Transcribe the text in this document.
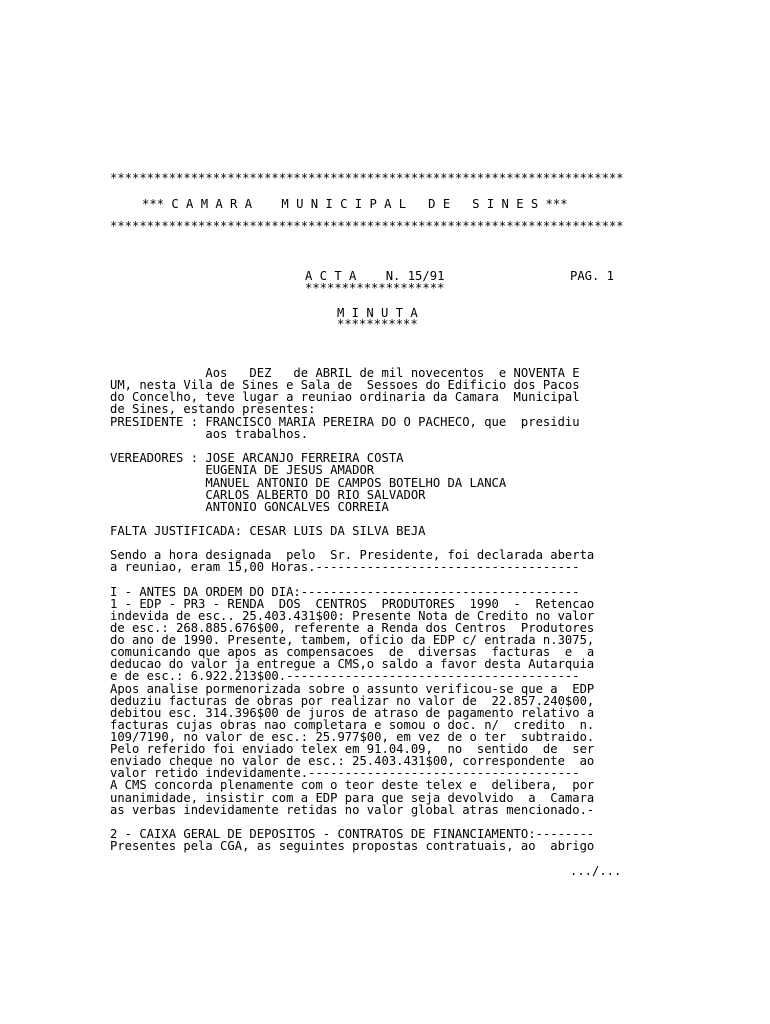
**********************************************************************
*** C A M A R A    M U N I C I P A L   D E   S I N E S ***
**********************************************************************
A C T A    N. 15/91	PAG. 1
*******************
M I N U T A
***********
Aos   DEZ   de ABRIL de mil novecentos  e NOVENTA E
UM, nesta Vila de Sines e Sala de  Sessoes do Edificio dos Pacos
do Concelho, teve lugar a reuniao ordinaria da Camara  Municipal
de Sines, estando presentes:
PRESIDENTE : FRANCISCO MARIA PEREIRA DO O PACHECO, que  presidiu
aos trabalhos.
VEREADORES : JOSE ARCANJO FERREIRA COSTA
EUGENIA DE JESUS AMADOR
MANUEL ANTONIO DE CAMPOS BOTELHO DA LANCA
CARLOS ALBERTO DO RIO SALVADOR
ANTONIO GONCALVES CORREIA
FALTA JUSTIFICADA: CESAR LUIS DA SILVA BEJA
Sendo a hora designada  pelo  Sr. Presidente, foi declarada aberta
a reuniao, eram 15,00 Horas.------------------------------------
I - ANTES DA ORDEM DO DIA:--------------------------------------
1 - EDP - PR3 - RENDA  DOS  CENTROS  PRODUTORES  1990  -  Retencao
indevida de esc.. 25.403.431$00: Presente Nota de Credito no valor
de esc.: 268.885.676$00, referente a Renda dos Centros  Produtores
do ano de 1990. Presente, tambem, oficio da EDP c/ entrada n.3075,
comunicando que apos as compensacoes  de  diversas  facturas  e  a
deducao do valor ja entregue a CMS,o saldo a favor desta Autarquia
e de esc.: 6.922.213$00.----------------------------------------
Apos analise pormenorizada sobre o assunto verificou-se que a  EDP
deduziu facturas de obras por realizar no valor de  22.857.240$00,
debitou esc. 314.396$00 de juros de atraso de pagamento relativo a
facturas cujas obras nao completara e somou o doc. n/  credito  n.
109/7190, no valor de esc.: 25.977$00, em vez de o ter  subtraido.
Pelo referido foi enviado telex em 91.04.09,  no  sentido  de  ser
enviado cheque no valor de esc.: 25.403.431$00, correspondente  ao
valor retido indevidamente.-------------------------------------
A CMS concorda plenamente com o teor deste telex e  delibera,  por
unanimidade, insistir com a EDP para que seja devolvido  a  Camara
as verbas indevidamente retidas no valor global atras mencionado.-
2 - CAIXA GERAL DE DEPOSITOS - CONTRATOS DE FINANCIAMENTO:--------
Presentes pela CGA, as seguintes propostas contratuais, ao  abrigo
.../...
